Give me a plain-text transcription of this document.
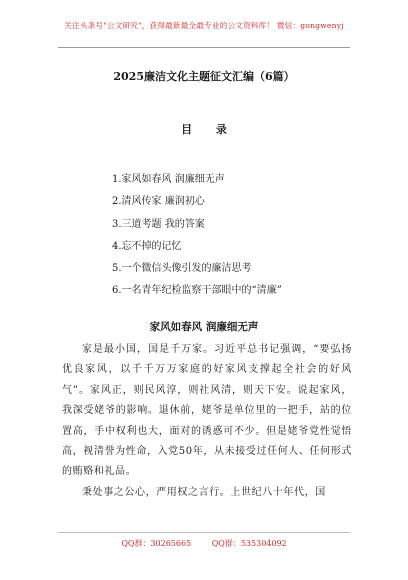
关注头条号"公文研究"，获得最新最全最专业的公文资料库！ 微信：gongwenyj
2025廉洁文化主题征文汇编（6篇）
目 录
1.家风如春风 润廉细无声
2.清风传家 廉润初心
3.三道考题 我的答案
4.忘不掉的记忆
5.一个微信头像引发的廉洁思考
6.一名青年纪检监察干部眼中的“清廉”
家风如春风 润廉细无声

家是最小国，国是千万家。习近平总书记强调，“要弘扬优良家风，以千千万万家庭的好家风支撑起全社会的好风气”。家风正，则民风淳，则社风清，则天下安。说起家风，我深受姥爷的影响。退休前，姥爷是单位里的一把手，站的位置高，手中权利也大，面对的诱惑可不少。但是姥爷党性觉悟高，视清誉为性命，入党50年，从未接受过任何人、任何形式的贿赂和礼品。

秉处事之公心，严用权之言行。上世纪八十年代，国

QQ群：30265665	QQ群：535304092
